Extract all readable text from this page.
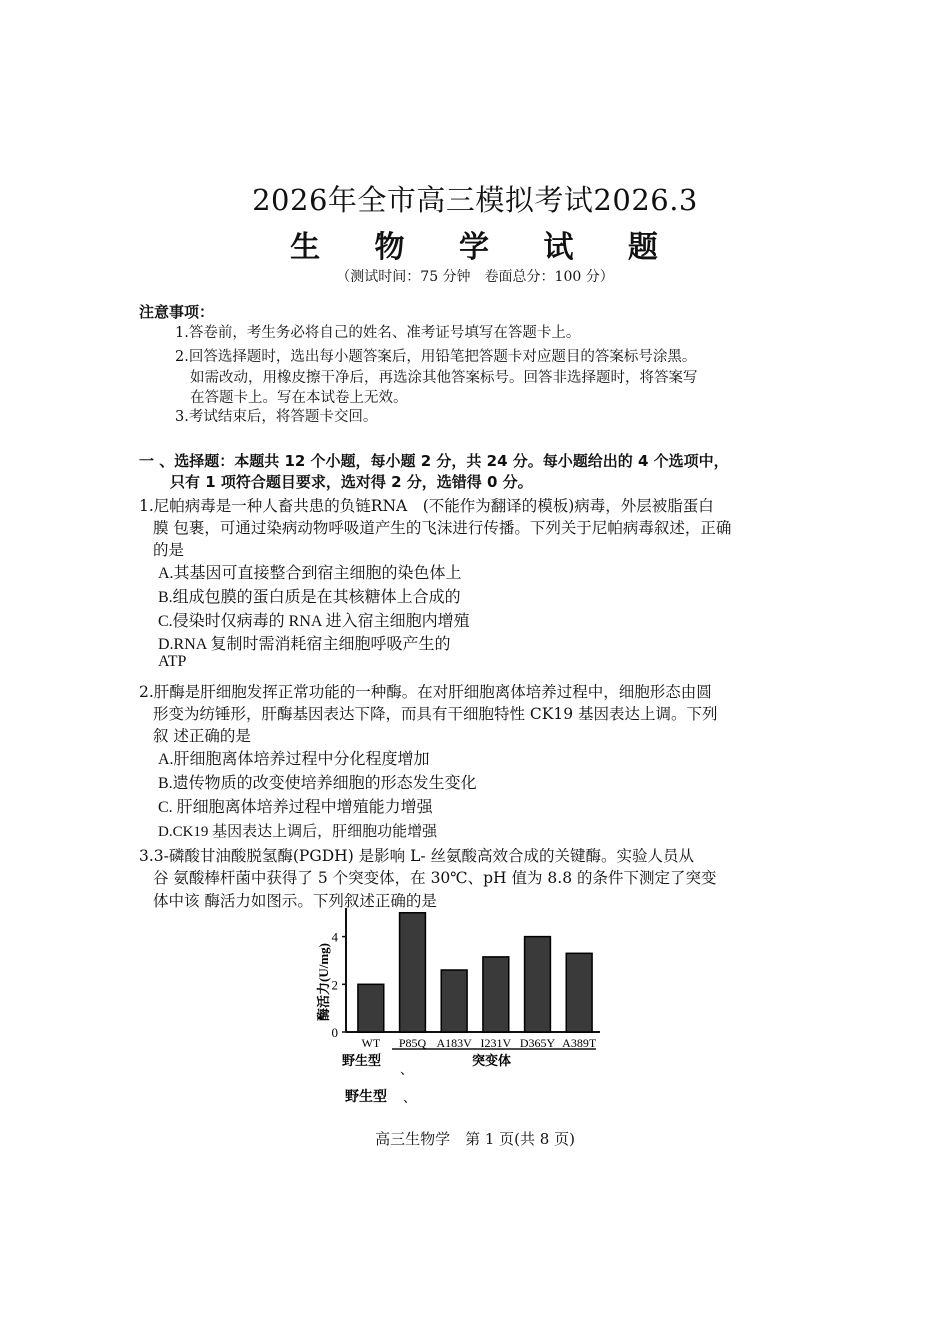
2026年全市高三模拟考试2026.3
生 物 学 试 题
（测试时间：75 分钟　卷面总分：100 分）
注意事项：
1.答卷前，考生务必将自己的姓名、准考证号填写在答题卡上。
2.回答选择题时，选出每小题答案后，用铅笔把答题卡对应题目的答案标号涂黑。
如需改动，用橡皮擦干净后，再选涂其他答案标号。回答非选择题时，将答案写
在答题卡上。写在本试卷上无效。
3.考试结束后，将答题卡交回。
一 、选择题：本题共 12 个小题，每小题 2 分，共 24 分。每小题给出的 4 个选项中，
只有 1 项符合题目要求，选对得 2 分，选错得 0 分。
1.尼帕病毒是一种人畜共患的负链RNA　(不能作为翻译的模板)病毒，外层被脂蛋白
膜 包裹，可通过染病动物呼吸道产生的飞沫进行传播。下列关于尼帕病毒叙述，正确
的是
A.其基因可直接整合到宿主细胞的染色体上
B.组成包膜的蛋白质是在其核糖体上合成的
C.侵染时仅病毒的 RNA 进入宿主细胞内增殖
D.RNA 复制时需消耗宿主细胞呼吸产生的
ATP
2.肝酶是肝细胞发挥正常功能的一种酶。在对肝细胞离体培养过程中，细胞形态由圆
形变为纺锤形，肝酶基因表达下降，而具有干细胞特性 CK19 基因表达上调。下列
叙 述正确的是
A.肝细胞离体培养过程中分化程度增加
B.遗传物质的改变使培养细胞的形态发生变化
C. 肝细胞离体培养过程中增殖能力增强
D.CK19 基因表达上调后，肝细胞功能增强
3.3-磷酸甘油酸脱氢酶(PGDH) 是影响 L- 丝氨酸高效合成的关键酶。实验人员从
谷 氨酸棒杆菌中获得了 5 个突变体，在 30℃、pH 值为 8.8 的条件下测定了突变
体中该 酶活力如图示。下列叙述正确的是
酶活力(U/mg)
0
2
4
WT P85Q A183V I231V D365Y A389T
野生型	突变体
、
野生型 、
高三生物学　第 1 页(共 8 页)
